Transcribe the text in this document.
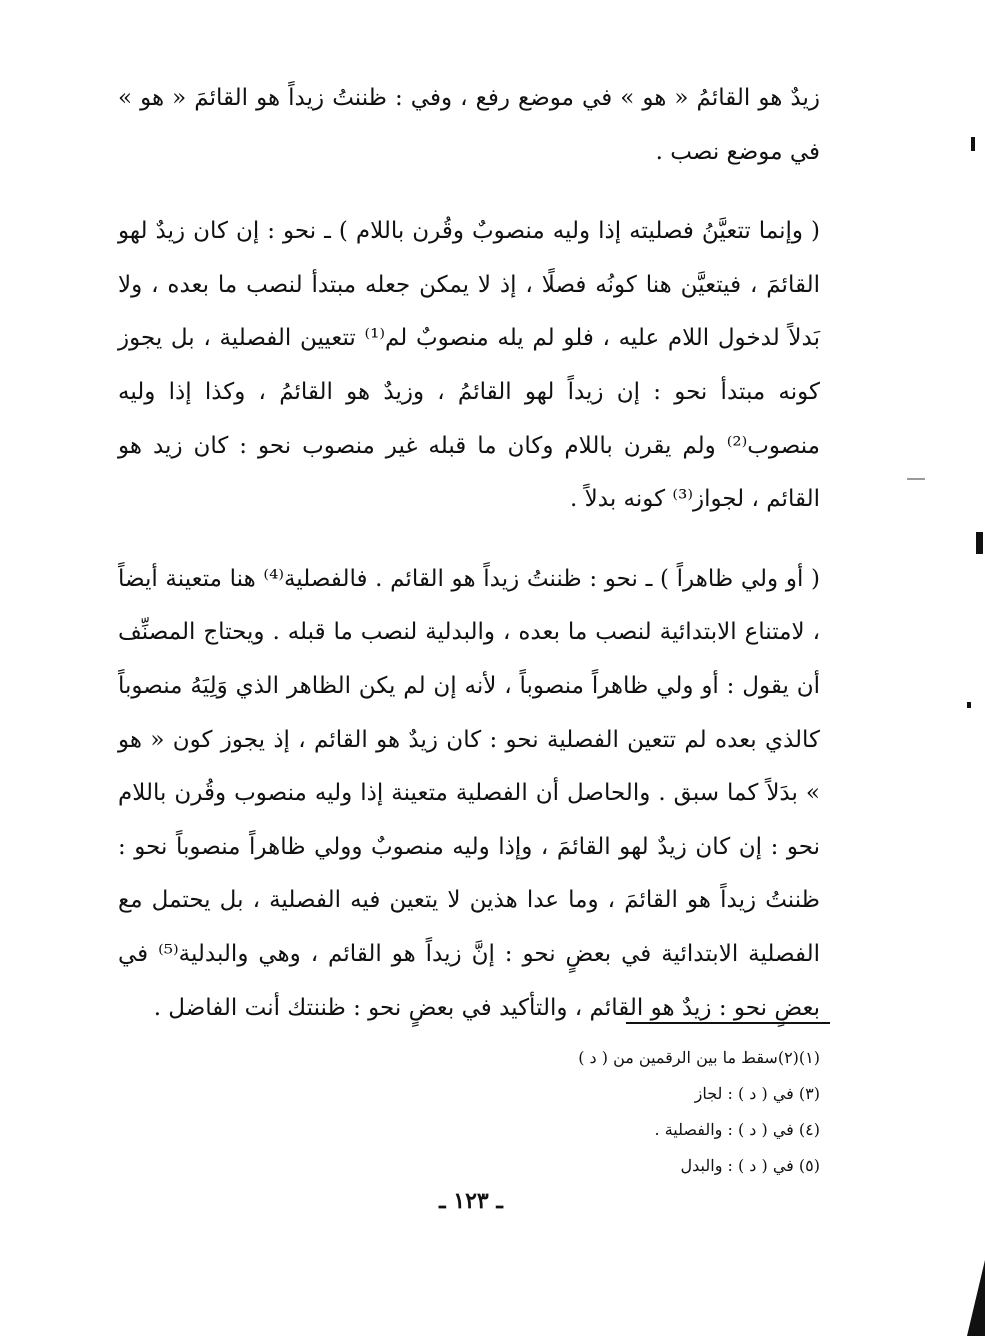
زيدٌ هو القائمُ « هو » في موضع رفع ، وفي : ظننتُ زيداً هو القائمَ « هو » في موضع نصب .

( وإنما تتعيَّنُ فصليته إذا وليه منصوبٌ وقُرن باللام ) ـ نحو : إن كان زيدٌ لهو القائمَ ، فيتعيَّن هنا كونُه فصلًا ، إذ لا يمكن جعله مبتدأ لنصب ما بعده ، ولا بَدلاً لدخول اللام عليه ، فلو لم يله منصوبٌ لم⁽¹⁾ تتعيين الفصلية ، بل يجوز كونه مبتدأ نحو : إن زيداً لهو القائمُ ، وزيدٌ هو القائمُ ، وكذا إذا وليه منصوب⁽²⁾ ولم يقرن باللام وكان ما قبله غير منصوب نحو : كان زيد هو القائم ، لجواز⁽³⁾ كونه بدلاً .

( أو ولي ظاهراً ) ـ نحو : ظننتُ زيداً هو القائم . فالفصلية⁽⁴⁾ هنا متعينة أيضاً ، لامتناع الابتدائية لنصب ما بعده ، والبدلية لنصب ما قبله . ويحتاج المصنِّف أن يقول : أو ولي ظاهراً منصوباً ، لأنه إن لم يكن الظاهر الذي وَلِيَهُ منصوباً كالذي بعده لم تتعين الفصلية نحو : كان زيدٌ هو القائم ، إذ يجوز كون « هو » بدَلاً كما سبق . والحاصل أن الفصلية متعينة إذا وليه منصوب وقُرن باللام نحو : إن كان زيدٌ لهو القائمَ ، وإذا وليه منصوبٌ وولي ظاهراً منصوباً نحو : ظننتُ زيداً هو القائمَ ، وما عدا هذين لا يتعين فيه الفصلية ، بل يحتمل مع الفصلية الابتدائية في بعضٍ نحو : إنَّ زيداً هو القائم ، وهي والبدلية⁽⁵⁾ في بعضٍ نحو : زيدٌ هو القائم ، والتأكيد في بعضٍ نحو : ظننتك أنت الفاضل .

(١)(٢)سقط ما بين الرقمين من ( د )
(٣) في ( د ) : لجاز
(٤) في ( د ) : والفصلية .
(٥) في ( د ) : والبدل
ـ ١٢٣ ـ
